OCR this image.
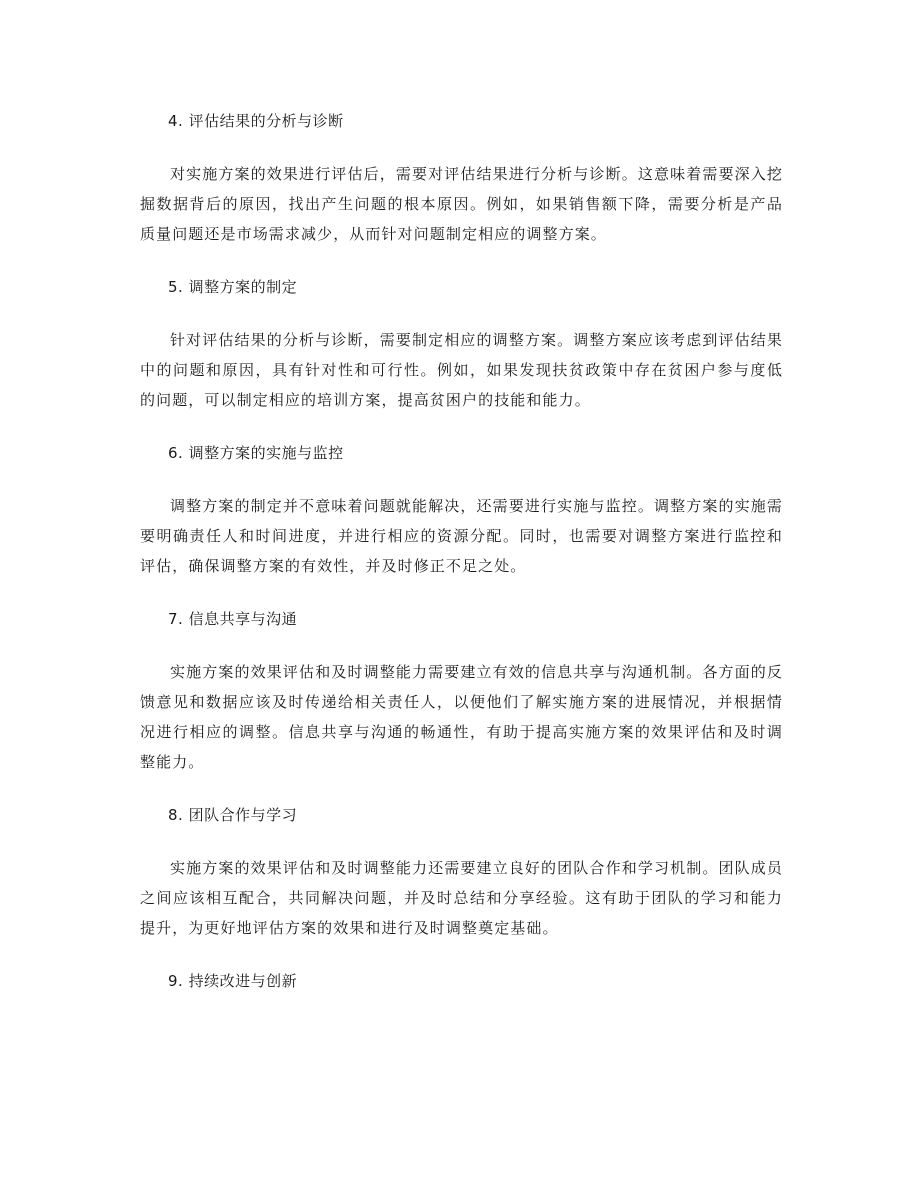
4. 评估结果的分析与诊断

对实施方案的效果进行评估后，需要对评估结果进行分析与诊断。这意味着需要深入挖掘数据背后的原因，找出产生问题的根本原因。例如，如果销售额下降，需要分析是产品质量问题还是市场需求减少，从而针对问题制定相应的调整方案。

5. 调整方案的制定

针对评估结果的分析与诊断，需要制定相应的调整方案。调整方案应该考虑到评估结果中的问题和原因，具有针对性和可行性。例如，如果发现扶贫政策中存在贫困户参与度低的问题，可以制定相应的培训方案，提高贫困户的技能和能力。

6. 调整方案的实施与监控

调整方案的制定并不意味着问题就能解决，还需要进行实施与监控。调整方案的实施需要明确责任人和时间进度，并进行相应的资源分配。同时，也需要对调整方案进行监控和评估，确保调整方案的有效性，并及时修正不足之处。

7. 信息共享与沟通

实施方案的效果评估和及时调整能力需要建立有效的信息共享与沟通机制。各方面的反馈意见和数据应该及时传递给相关责任人，以便他们了解实施方案的进展情况，并根据情况进行相应的调整。信息共享与沟通的畅通性，有助于提高实施方案的效果评估和及时调整能力。

8. 团队合作与学习

实施方案的效果评估和及时调整能力还需要建立良好的团队合作和学习机制。团队成员之间应该相互配合，共同解决问题，并及时总结和分享经验。这有助于团队的学习和能力提升，为更好地评估方案的效果和进行及时调整奠定基础。

9. 持续改进与创新
